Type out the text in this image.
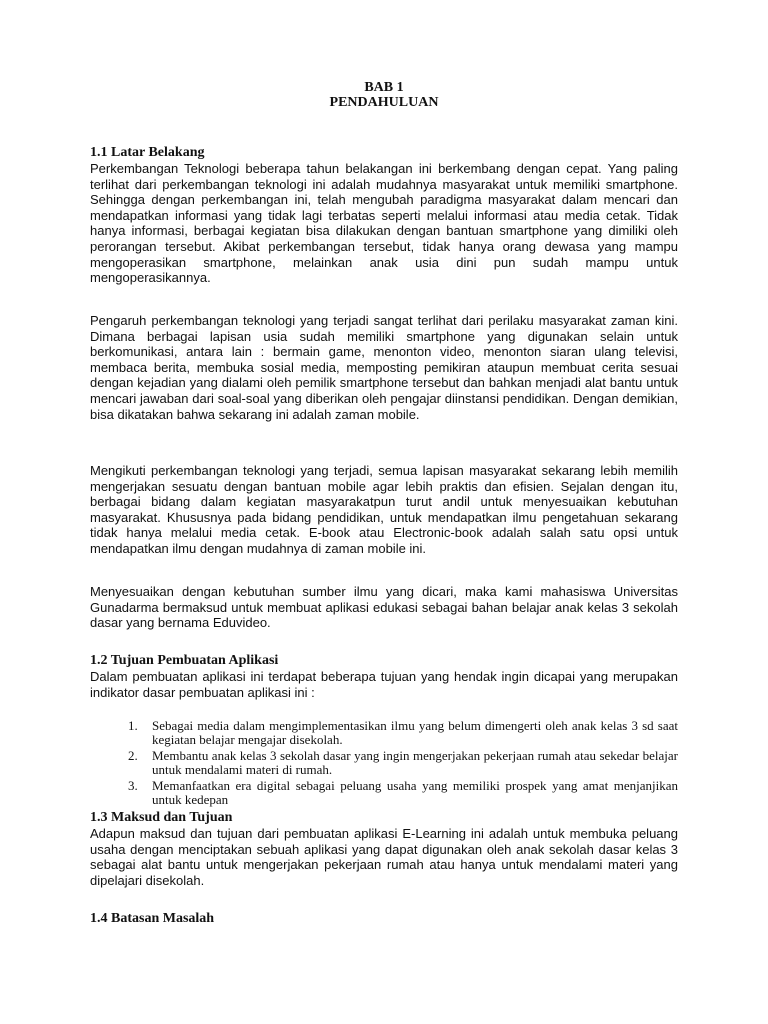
BAB 1
PENDAHULUAN

1.1 Latar Belakang

Perkembangan Teknologi beberapa tahun belakangan ini berkembang dengan cepat. Yang paling terlihat dari perkembangan teknologi ini adalah mudahnya masyarakat untuk memiliki smartphone. Sehingga dengan perkembangan ini, telah mengubah paradigma masyarakat dalam mencari dan mendapatkan informasi yang tidak lagi terbatas seperti melalui informasi atau media cetak. Tidak hanya informasi, berbagai kegiatan bisa dilakukan dengan bantuan smartphone yang dimiliki oleh perorangan tersebut. Akibat perkembangan tersebut, tidak hanya orang dewasa yang mampu mengoperasikan smartphone, melainkan anak usia dini pun sudah mampu untuk mengoperasikannya.

Pengaruh perkembangan teknologi yang terjadi sangat terlihat dari perilaku masyarakat zaman kini. Dimana berbagai lapisan usia sudah memiliki smartphone yang digunakan selain untuk berkomunikasi, antara lain : bermain game, menonton video, menonton siaran ulang televisi, membaca berita, membuka sosial media, memposting pemikiran ataupun membuat cerita sesuai dengan kejadian yang dialami oleh pemilik smartphone tersebut dan bahkan menjadi alat bantu untuk mencari jawaban dari soal-soal yang diberikan oleh pengajar diinstansi pendidikan. Dengan demikian, bisa dikatakan bahwa sekarang ini adalah zaman mobile.

Mengikuti perkembangan teknologi yang terjadi, semua lapisan masyarakat sekarang lebih memilih mengerjakan sesuatu dengan bantuan mobile agar lebih praktis dan efisien. Sejalan dengan itu, berbagai bidang dalam kegiatan masyarakatpun turut andil untuk menyesuaikan kebutuhan masyarakat. Khususnya pada bidang pendidikan, untuk mendapatkan ilmu pengetahuan sekarang tidak hanya melalui media cetak. E-book atau Electronic-book adalah salah satu opsi untuk mendapatkan ilmu dengan mudahnya di zaman mobile ini.

Menyesuaikan dengan kebutuhan sumber ilmu yang dicari, maka kami mahasiswa Universitas Gunadarma bermaksud untuk membuat aplikasi edukasi sebagai bahan belajar anak kelas 3 sekolah dasar yang bernama Eduvideo.

1.2 Tujuan Pembuatan Aplikasi

Dalam pembuatan aplikasi ini terdapat beberapa tujuan yang hendak ingin dicapai yang merupakan indikator dasar pembuatan aplikasi ini :

1. Sebagai media dalam mengimplementasikan ilmu yang belum dimengerti oleh anak kelas 3 sd saat kegiatan belajar mengajar disekolah.
2. Membantu anak kelas 3 sekolah dasar yang ingin mengerjakan pekerjaan rumah atau sekedar belajar untuk mendalami materi di rumah.
3. Memanfaatkan era digital sebagai peluang usaha yang memiliki prospek yang amat menjanjikan untuk kedepan

1.3 Maksud dan Tujuan

Adapun maksud dan tujuan dari pembuatan aplikasi E-Learning ini adalah untuk membuka peluang usaha dengan menciptakan sebuah aplikasi yang dapat digunakan oleh anak sekolah dasar kelas 3 sebagai alat bantu untuk mengerjakan pekerjaan rumah atau hanya untuk mendalami materi yang dipelajari disekolah.

1.4 Batasan Masalah
